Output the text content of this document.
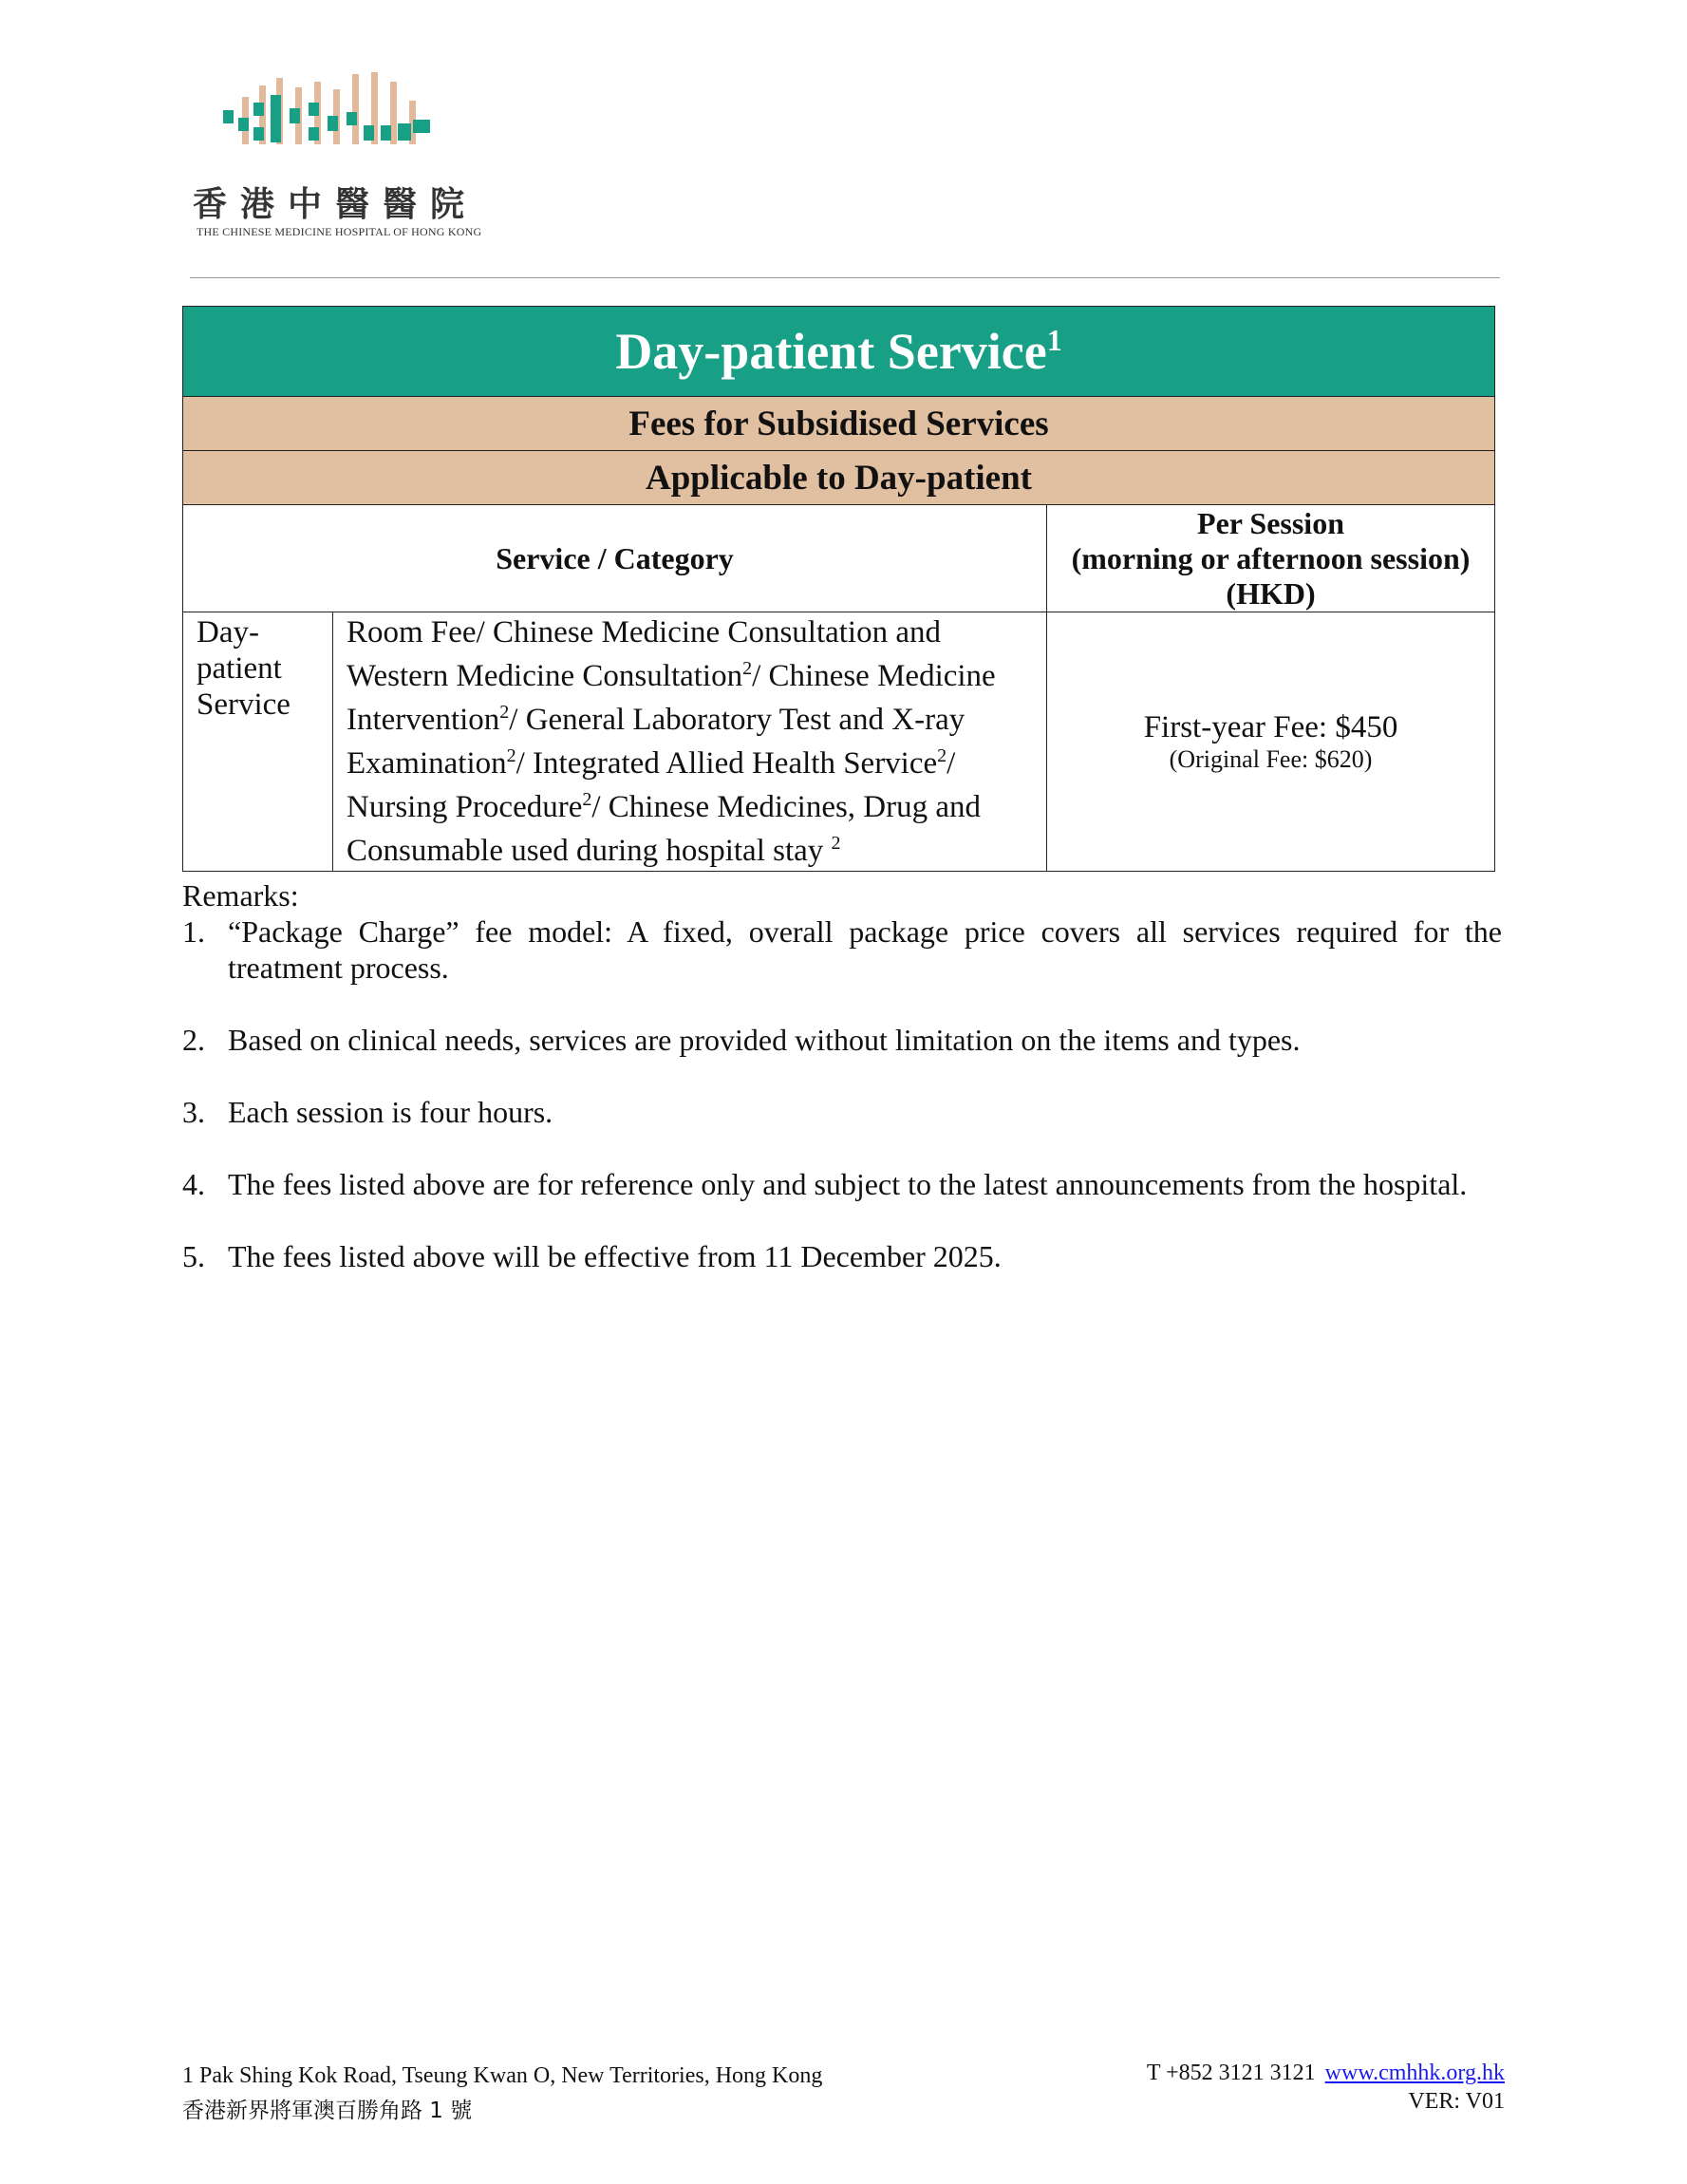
香港中醫醫院
THE CHINESE MEDICINE HOSPITAL OF HONG KONG
Day-patient Service$^1$
Fees for Subsidised Services		
Applicable to Day-patient		
Service / Category		Per Session
(morning or afternoon session)
(HKD)
Day-patient Service	Room Fee/ Chinese Medicine Consultation and Western Medicine Consultation$^2$/ Chinese Medicine Intervention$^2$/ General Laboratory Test and X-ray Examination$^2$/ Integrated Allied Health Service$^2$/ Nursing Procedure$^2$/ Chinese Medicines, Drug and Consumable used during hospital stay $^2$	First-year Fee: $450
(Original Fee: $620)
Remarks:
1. “Package Charge” fee model: A fixed, overall package price covers all services required for the treatment process.
2. Based on clinical needs, services are provided without limitation on the items and types.
3. Each session is four hours.
4. The fees listed above are for reference only and subject to the latest announcements from the hospital.
5. The fees listed above will be effective from 11 December 2025.
1 Pak Shing Kok Road, Tseung Kwan O, New Territories, Hong Kong
香港新界將軍澳百勝角路 1 號
T +852 3121 3121 www.cmhhk.org.hk
VER: V01
